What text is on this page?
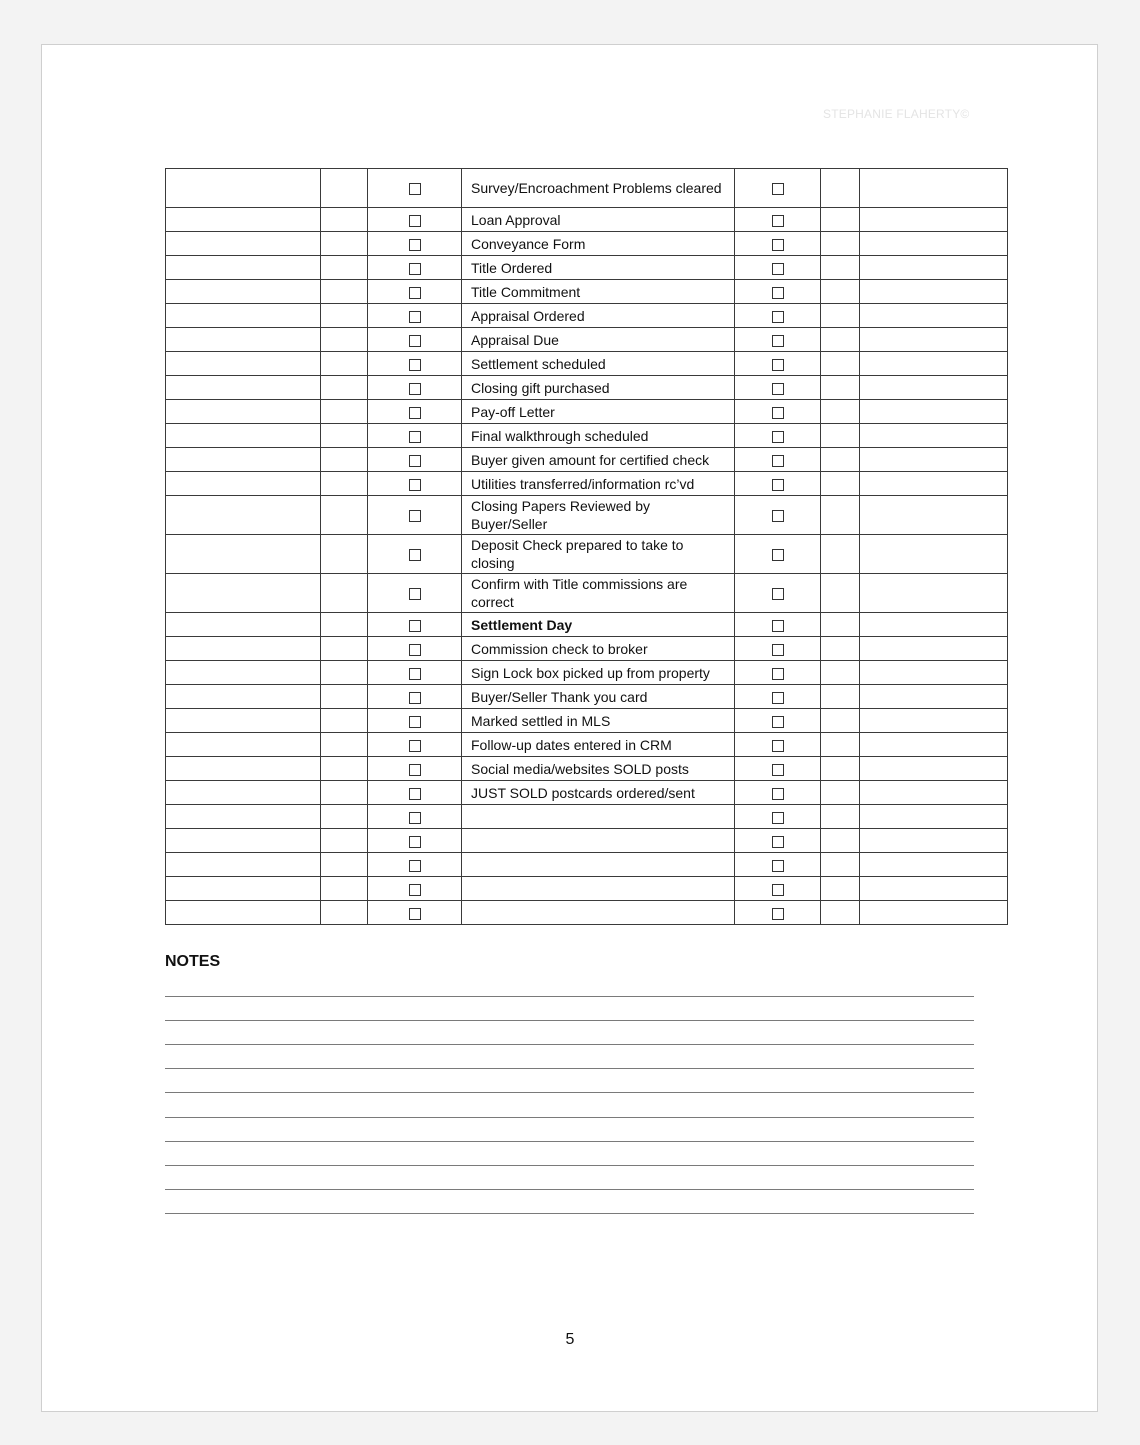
STEPHANIE FLAHERTY©
			Survey/Encroachment Problems cleared			
			Loan Approval			
			Conveyance Form			
			Title Ordered			
			Title Commitment			
			Appraisal Ordered			
			Appraisal Due			
			Settlement scheduled			
			Closing gift purchased			
			Pay-off Letter			
			Final walkthrough scheduled			
			Buyer given amount for certified check			
			Utilities transferred/information rc’vd			
			Closing Papers Reviewed by Buyer/Seller			
			Deposit Check prepared to take to closing			
			Confirm with Title commissions are correct			
			Settlement Day			
			Commission check to broker			
			Sign Lock box picked up from property			
			Buyer/Seller Thank you card			
			Marked settled in MLS			
			Follow-up dates entered in CRM			
			Social media/websites SOLD posts			
			JUST SOLD postcards ordered/sent			

NOTES
5
